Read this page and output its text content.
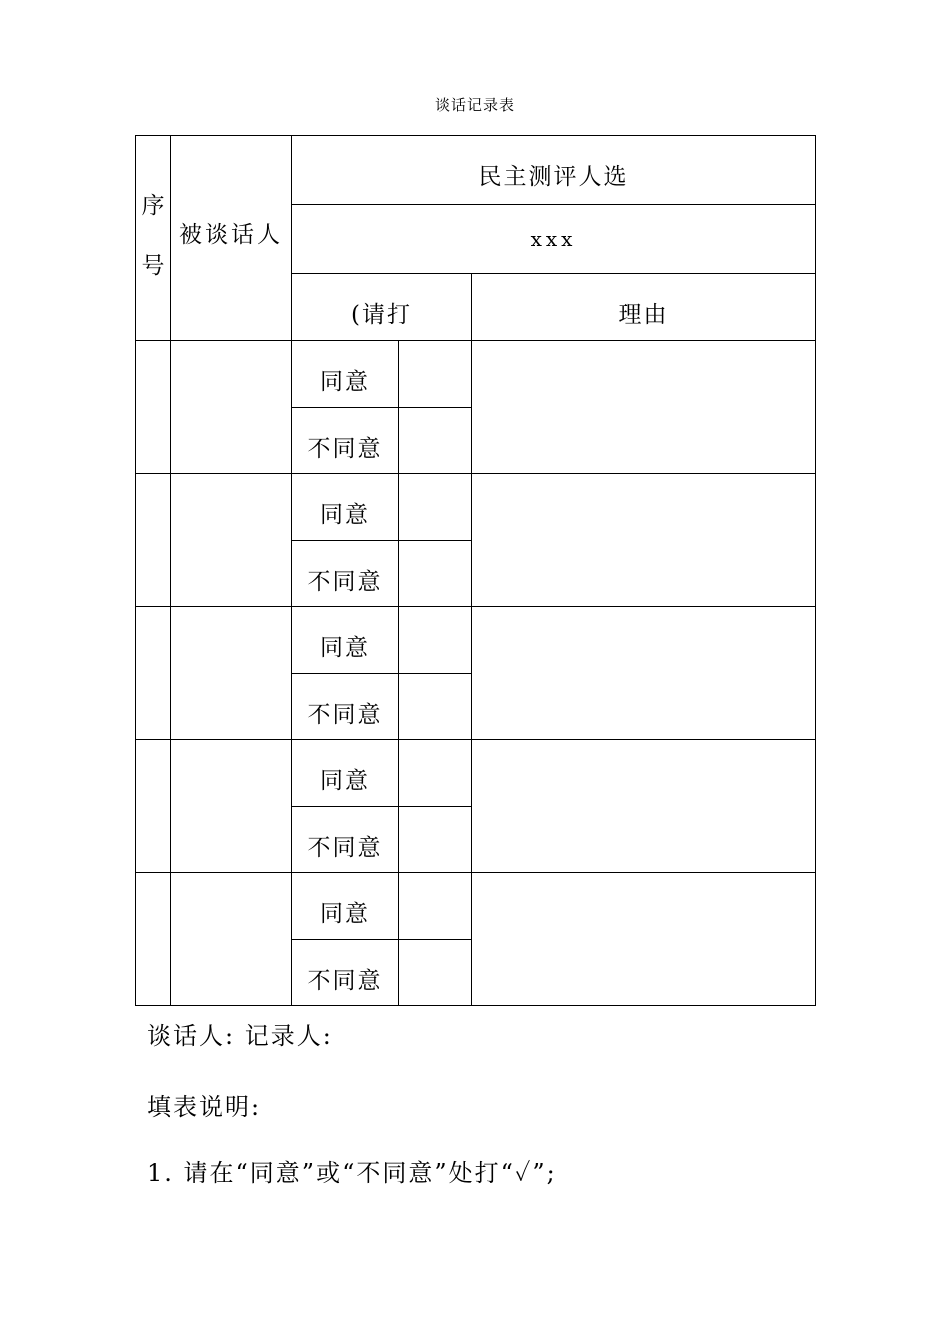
谈话记录表
序号	被谈话人	民主测评人选		
		xxx		
		(请打		理由
		同意		
		不同意		
		同意		
		不同意		
		同意		
		不同意		
		同意		
		不同意		
		同意		
		不同意		
谈话人: 记录人:
填表说明:
1. 请在“同意”或“不同意”处打“✓”;
